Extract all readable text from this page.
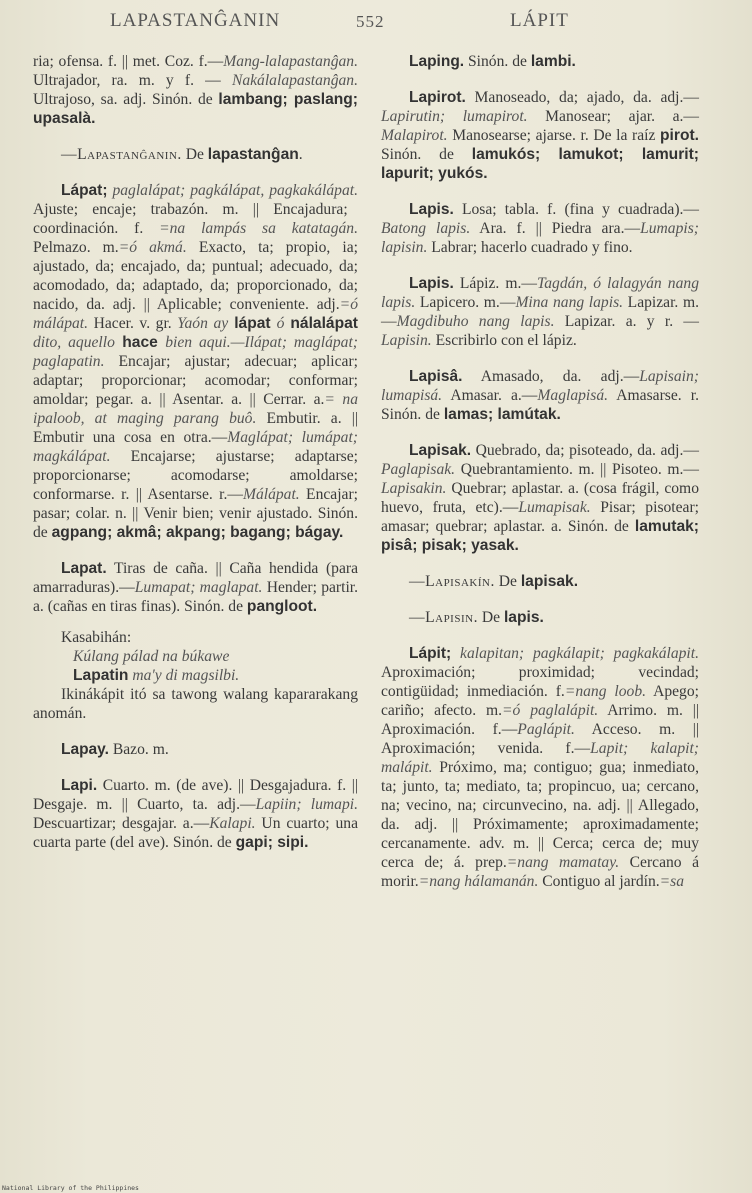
LAPASTANĜANIN	552	LÁPIT

ria; ofensa. f. || met. Coz. f.—Mang-lalapastanĝan. Ultrajador, ra. m. y f. — Nakálalapastanĝan. Ultrajoso, sa. adj. Sinón. de lambang; paslang; upasalà.

—Lapastanĝanin. De lapastanĝan.

Lápat; paglalápat; pagkálápat, pagkakálápat. Ajuste; encaje; trabazón. m. || Encajadura; coordinación. f. =na lampás sa katatagán. Pelmazo. m.=ó akmá. Exacto, ta; propio, ia; ajustado, da; encajado, da; puntual; adecuado, da; acomodado, da; adaptado, da; proporcionado, da; nacido, da. adj. || Aplicable; conveniente. adj.=ó málápat. Hacer. v. gr. Yaón ay lápat ó nálalápat dito, aquello hace bien aqui.—Ilápat; maglápat; paglapatin. Encajar; ajustar; adecuar; aplicar; adaptar; proporcionar; acomodar; conformar; amoldar; pegar. a. || Asentar. a. || Cerrar. a.= na ipaloob, at maging parang buô. Embutir. a. || Embutir una cosa en otra.—Maglápat; lumápat; magkálápat. Encajarse; ajustarse; adaptarse; proporcionarse; acomodarse; amoldarse; conformarse. r. || Asentarse. r.—Málápat. Encajar; pasar; colar. n. || Venir bien; venir ajustado. Sinón. de agpang; akmâ; akpang; bagang; bágay.

Lapat. Tiras de caña. || Caña hendida (para amarraduras).—Lumapat; maglapat. Hender; partir. a. (cañas en tiras finas). Sinón. de pangloot.

Kasabihán:
Kúlang pálad na búkawe
Lapatin ma'y di magsilbi.
Ikinákápit itó sa tawong walang kapararakang anomán.

Lapay. Bazo. m.

Lapi. Cuarto. m. (de ave). || Desgajadura. f. || Desgaje. m. || Cuarto, ta. adj.—Lapiin; lumapi. Descuartizar; desgajar. a.—Kalapi. Un cuarto; una cuarta parte (del ave). Sinón. de gapi; sipi.

Laping. Sinón. de lambi.

Lapirot. Manoseado, da; ajado, da. adj.—Lapirutin; lumapirot. Manosear; ajar. a.—Malapirot. Manosearse; ajarse. r. De la raíz pirot. Sinón. de lamukós; lamukot; lamurit; lapurit; yukós.

Lapis. Losa; tabla. f. (fina y cuadrada).—Batong lapis. Ara. f. || Piedra ara.—Lumapis; lapisin. Labrar; hacerlo cuadrado y fino.

Lapis. Lápiz. m.—Tagdán, ó lalagyán nang lapis. Lapicero. m.—Mina nang lapis. Lapizar. m.—Magdibuho nang lapis. Lapizar. a. y r. —Lapisin. Escribirlo con el lápiz.

Lapisâ. Amasado, da. adj.—Lapisain; lumapisá. Amasar. a.—Maglapisá. Amasarse. r. Sinón. de lamas; lamútak.

Lapisak. Quebrado, da; pisoteado, da. adj.—Paglapisak. Quebrantamiento. m. || Pisoteo. m.—Lapisakin. Quebrar; aplastar. a. (cosa frágil, como huevo, fruta, etc).—Lumapisak. Pisar; pisotear; amasar; quebrar; aplastar. a. Sinón. de lamutak; pisâ; pisak; yasak.

—Lapisakín. De lapisak.

—Lapisin. De lapis.

Lápit; kalapitan; pagkálapit; pagkakálapit. Aproximación; proximidad; vecindad; contigüidad; inmediación. f.=nang loob. Apego; cariño; afecto. m.=ó paglalápit. Arrimo. m. || Aproximación. f.—Paglápit. Acceso. m. || Aproximación; venida. f.—Lapit; kalapit; malápit. Próximo, ma; contiguo; gua; inmediato, ta; junto, ta; mediato, ta; propincuo, ua; cercano, na; vecino, na; circunvecino, na. adj. || Allegado, da. adj. || Próximamente; aproximadamente; cercanamente. adv. m. || Cerca; cerca de; muy cerca de; á. prep.=nang mamatay. Cercano á morir.=nang hálamanán. Contiguo al jardín.=sa

National Library of the Philippines
